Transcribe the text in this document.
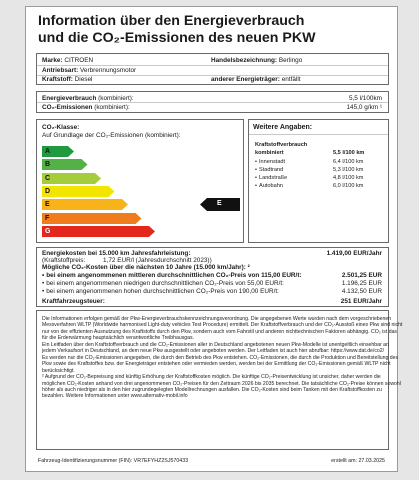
Information über den Energieverbrauch
und die CO₂-Emissionen des neuen PKW
Marke: CITROEN	Handelsbezeichnung: Berlingo
Antriebsart: Verbrennungsmotor
Kraftstoff: Diesel	anderer Energieträger: entfällt
Energieverbrauch (kombiniert):	5,5 l/100km
CO₂-Emissionen (kombiniert):	145,0 g/km ¹
CO₂-Klasse:
Auf Grundlage der CO₂-Emissionen (kombiniert):
A
B
C
D
E	E
F
G
Weitere Angaben:
Kraftstoffverbrauch
kombiniert	5,5 l/100 km
• Innenstadt	6,4 l/100 km
• Stadtrand	5,3 l/100 km
• Landstraße	4,8 l/100 km
• Autobahn	6,0 l/100 km
Energiekosten bei 15.000 km Jahresfahrleistung:	1.419,00 EUR/Jahr
(Kraftstoffpreis:	1,72 EUR/l (Jahresdurchschnitt 2023))
Mögliche CO₂-Kosten über die nächsten 10 Jahre (15.000 km/Jahr): ²
• bei einem angenommenen mittleren durchschnittlichen CO₂-Preis von 115,00 EUR/t:	2.501,25 EUR
• bei einem angenommenen niedrigen durchschnittlichen CO₂-Preis von 55,00 EUR/t:	1.196,25 EUR
• bei einem angenommenen hohen durchschnittlichen CO₂-Preis von 190,00 EUR/t:	4.132,50 EUR
Kraftfahrzeugsteuer:	251 EUR/Jahr

Die Informationen erfolgen gemäß der Pkw-Energieverbrauchskennzeichnungsverordnung. Die angegebenen Werte wurden nach dem vorgeschriebenen Messverfahren WLTP (Worldwide harmonised Light-duty vehicles Test Procedure) ermittelt. Der Kraftstoffverbrauch und der CO₂-Ausstoß eines Pkw sind nicht nur von der effizienten Ausnutzung des Kraftstoffs durch den Pkw, sondern auch vom Fahrstil und anderen nichttechnischen Faktoren abhängig. CO₂ ist das für die Erderwärmung hauptsächlich verantwortliche Treibhausgas.

Ein Leitfaden über den Kraftstoffverbrauch und die CO₂-Emissionen aller in Deutschland angebotenen neuen Pkw-Modelle ist unentgeltlich einsehbar an jedem Verkaufsort in Deutschland, an dem neue Pkw ausgestellt oder angeboten werden. Der Leitfaden ist auch hier abrufbar: https://www.dat.de/co2/

Es werden nur die CO₂-Emissionen angegeben, die durch den Betrieb des Pkw entstehen. CO₂-Emissionen, die durch die Produktion und Bereitstellung des Pkw sowie des Kraftstoffes bzw. der Energieträger entstehen oder vermieden werden, werden bei der Ermittlung der CO₂-Emissionen gemäß WLTP nicht berücksichtigt.

² Aufgrund der CO₂-Bepreisung sind künftig Erhöhung der Kraftstoffkosten möglich. Die künftige CO₂-Preisentwicklung ist unsicher, daher werden die möglichen CO₂-Kosten anhand von drei angenommenen CO₂-Preisen für den Zeitraum 2026 bis 2035 berechnet. Die tatsächliche CO₂-Preise können sowohl höher als auch niedriger als in den hier zugrundegelegten Modellrechnungen ausfallen. Die CO₂-Kosten sind beim Tanken mit den Kraftstoffkosten zu bezahlen. Weitere Informationen unter www.alternativ-mobil.info

Fahrzeug-Identifizierungsnummer (FIN): VR7EFYHZ2SJ570433	erstellt am: 27.03.2025
